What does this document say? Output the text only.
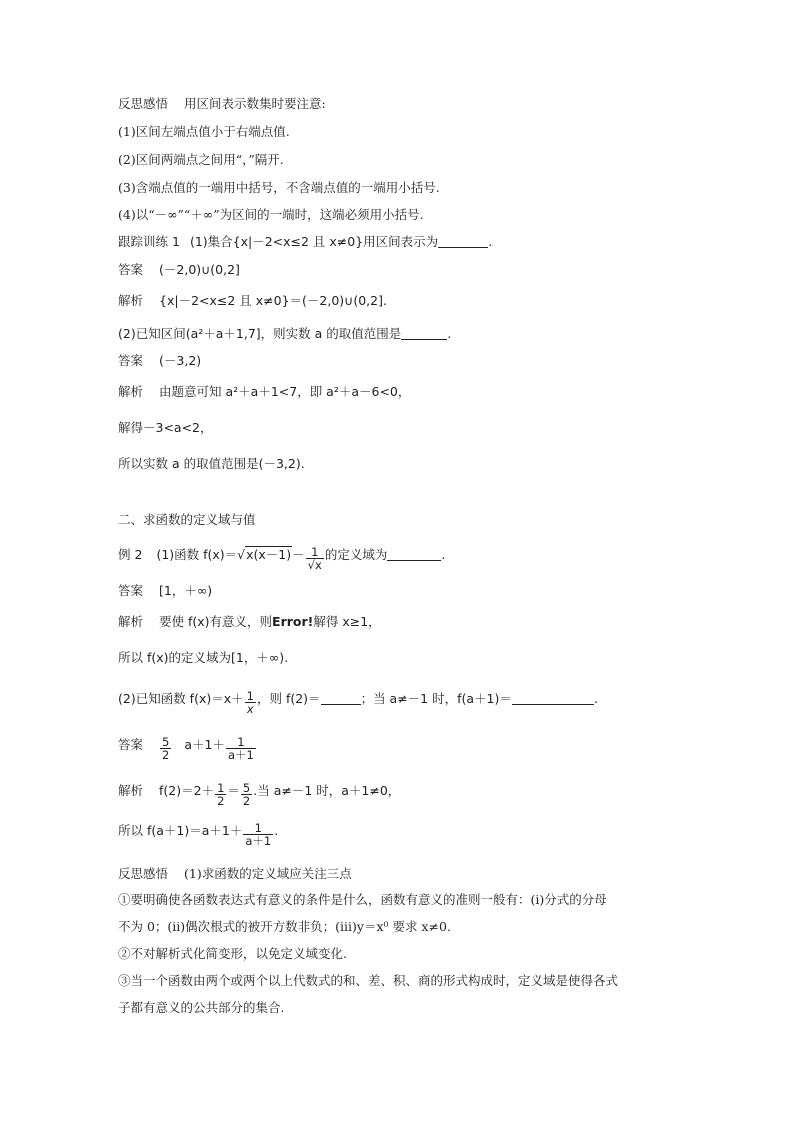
反思感悟 用区间表示数集时要注意:
(1)区间左端点值小于右端点值.
(2)区间两端点之间用“，”隔开.
(3)含端点值的一端用中括号，不含端点值的一端用小括号.
(4)以“－∞”“＋∞”为区间的一端时，这端必须用小括号.
跟踪训练 1 (1)集合{x|－2<x≤2 且 x≠0}用区间表示为	.
答案 (－2,0)∪(0,2]
解析 {x|－2<x≤2 且 x≠0}＝(－2,0)∪(0,2].
(2)已知区间(a²＋a＋1,7]，则实数 a 的取值范围是	.
答案 (－3,2)
解析 由题意可知 a²＋a＋1<7，即 a²＋a－6<0，
解得－3<a<2，
所以实数 a 的取值范围是(－3,2).
二、求函数的定义域与值
例 2 (1)函数 $f(x)=√x(x-1)- \frac{1}{√x}$ 的定义域为	.
答案 [1，＋∞)
解析 要使 f(x)有意义，则Error!解得 x≥1，
所以 f(x)的定义域为[1，＋∞).
(2)已知函数 $f(x)=x+ \frac{1}{x}$ ，则 f(2)＝	；当 a≠－1 时，f(a＋1)＝	.
答案 $\frac{5}{2} a+1+ \frac{1}{a+1}$
解析 $f(2)=2+ \frac{1}{2} = \frac{5}{2}$ .当 a≠－1 时，a＋1≠0，
所以 $f(a+1)=a+1+ \frac{1}{a+1}$ .
反思感悟 (1)求函数的定义域应关注三点
①要明确使各函数表达式有意义的条件是什么，函数有意义的准则一般有：(ⅰ)分式的分母
不为 0；(ⅱ)偶次根式的被开方数非负；(ⅲ)y＝x⁰ 要求 x≠0.
②不对解析式化简变形，以免定义域变化.
③当一个函数由两个或两个以上代数式的和、差、积、商的形式构成时，定义域是使得各式
子都有意义的公共部分的集合.
